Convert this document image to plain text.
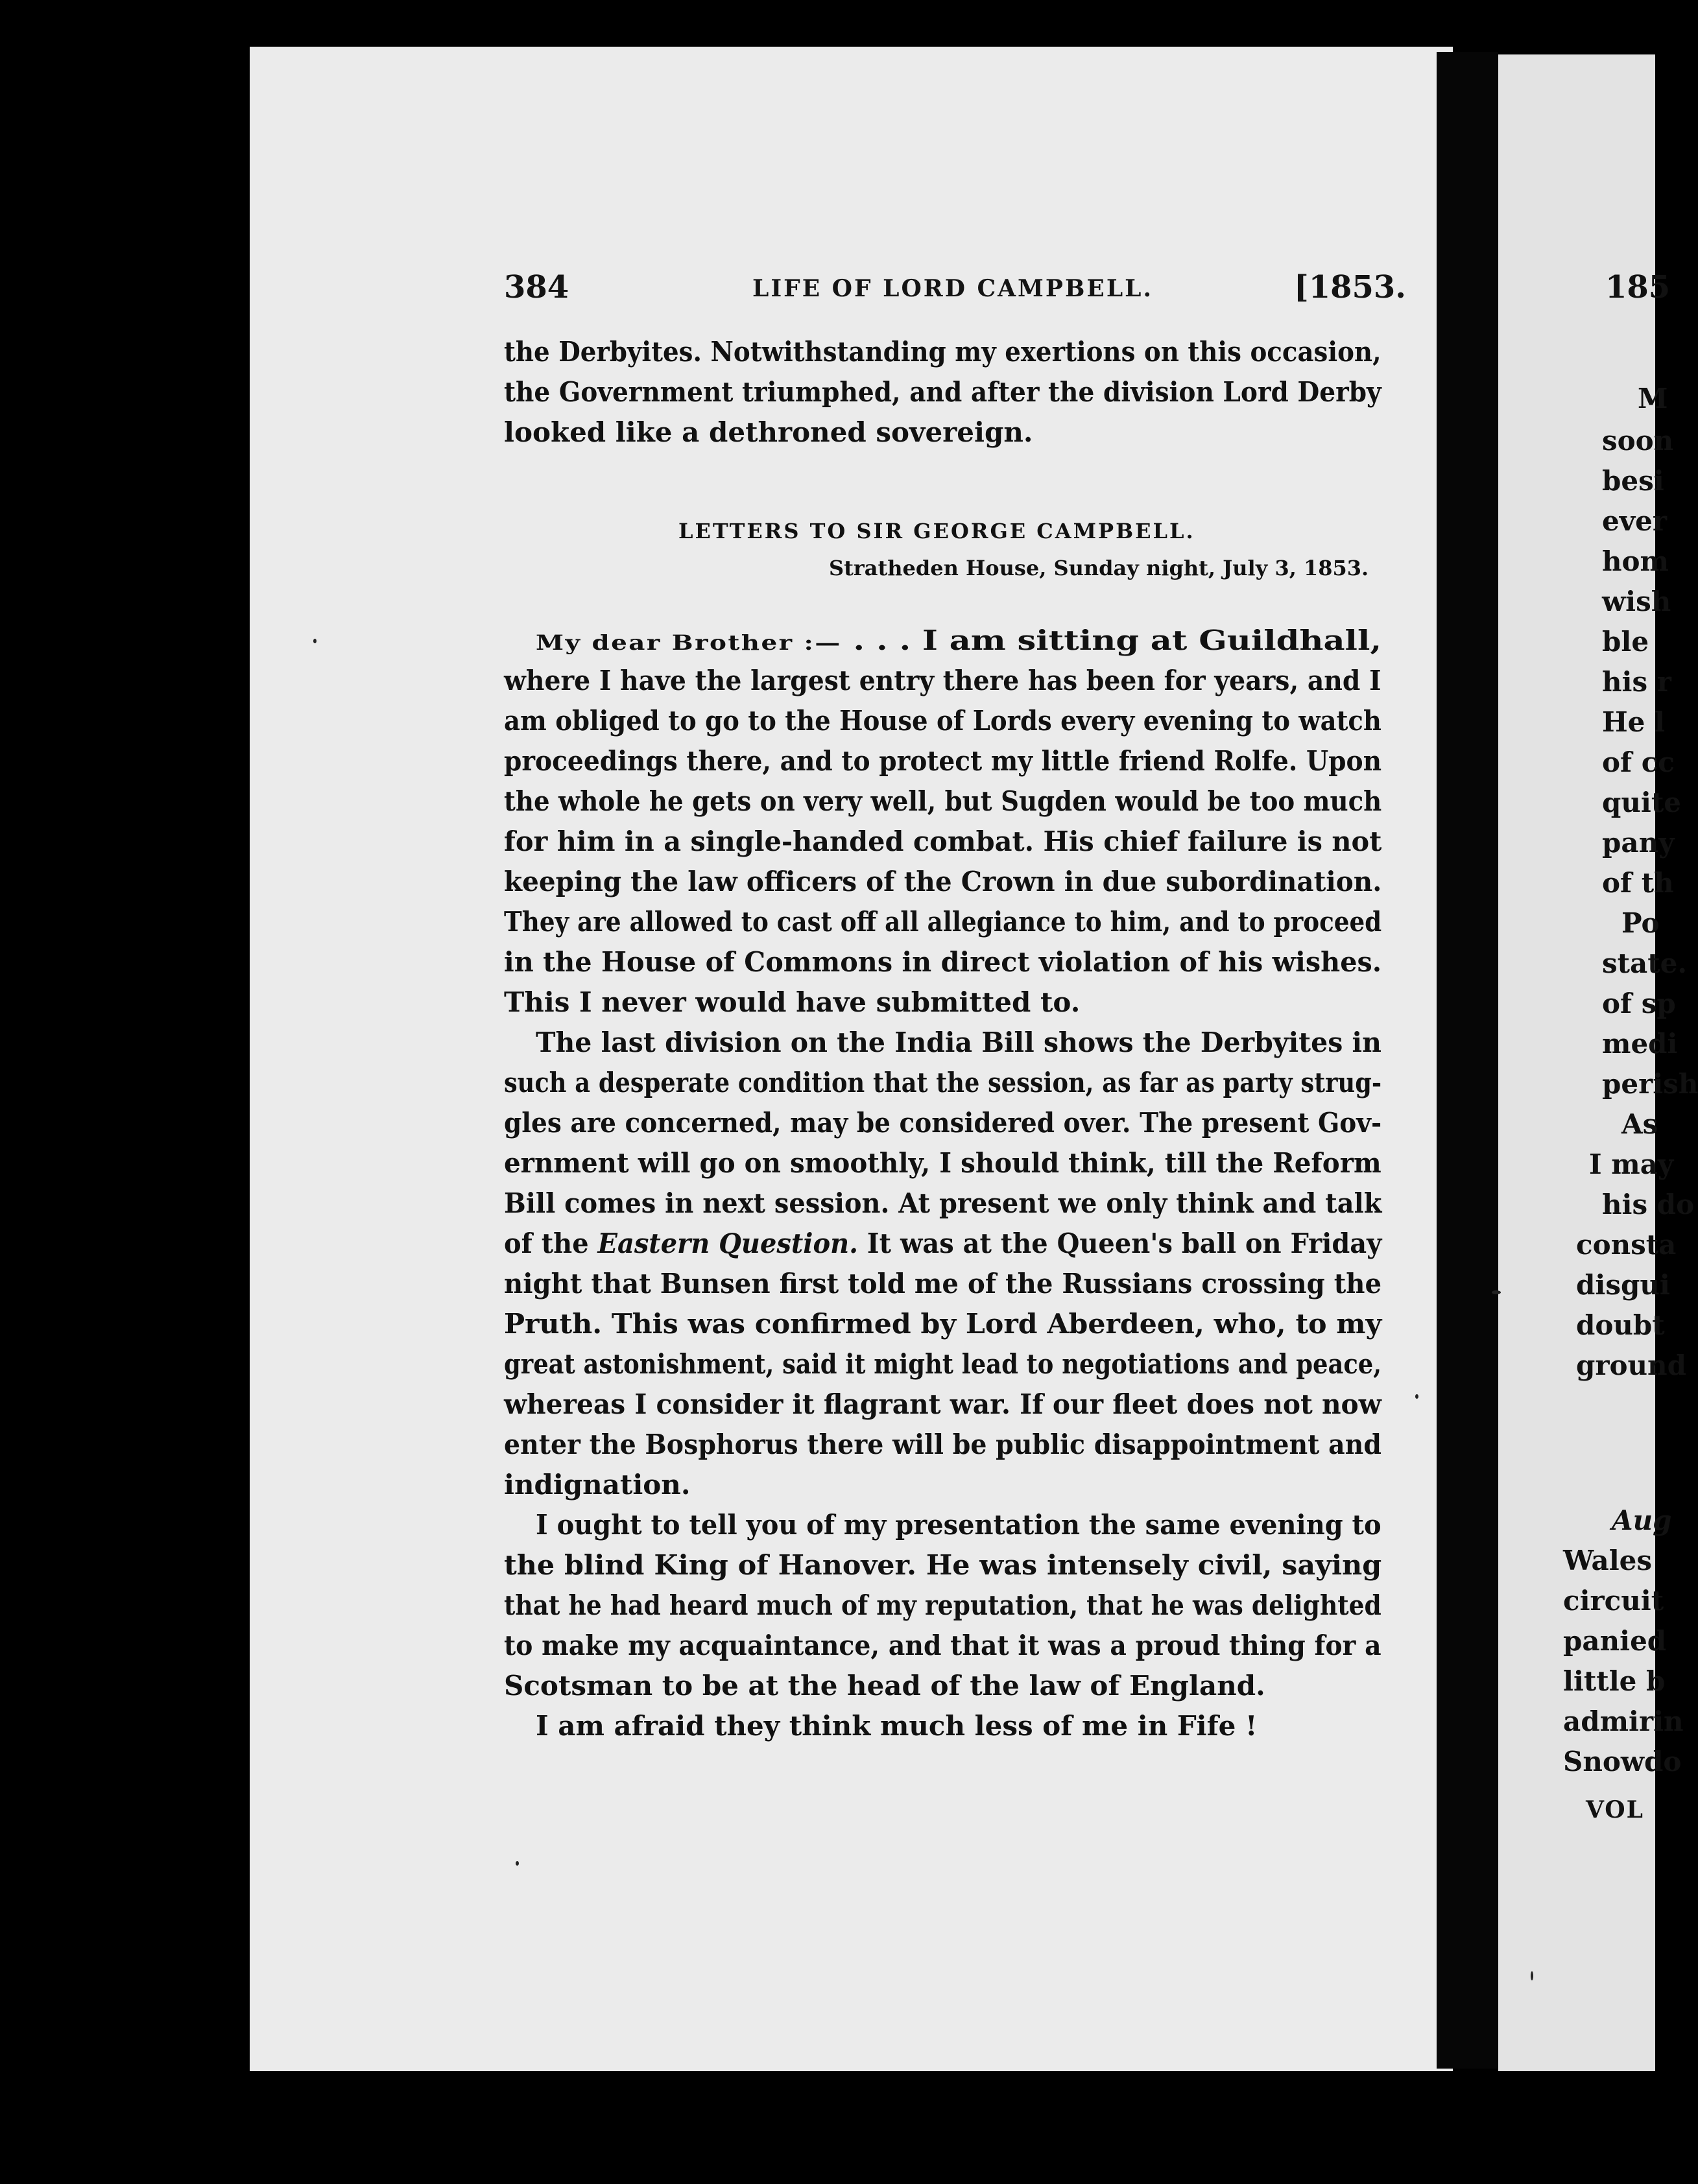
384	LIFE OF LORD CAMPBELL.	[1853.
the Derbyites. Notwithstanding my exertions on this occasion,
the Government triumphed, and after the division Lord Derby
looked like a dethroned sovereign.
LETTERS TO SIR GEORGE CAMPBELL.
Stratheden House, Sunday night, July 3, 1853.
My dear Brother :— . . . I am sitting at Guildhall,
where I have the largest entry there has been for years, and I
am obliged to go to the House of Lords every evening to watch
proceedings there, and to protect my little friend Rolfe. Upon
the whole he gets on very well, but Sugden would be too much
for him in a single-handed combat. His chief failure is not
keeping the law officers of the Crown in due subordination.
They are allowed to cast off all allegiance to him, and to proceed
in the House of Commons in direct violation of his wishes.
This I never would have submitted to.
The last division on the India Bill shows the Derbyites in
such a desperate condition that the session, as far as party strug-
gles are concerned, may be considered over. The present Gov-
ernment will go on smoothly, I should think, till the Reform
Bill comes in next session. At present we only think and talk
of the Eastern Question. It was at the Queen's ball on Friday
night that Bunsen first told me of the Russians crossing the
Pruth. This was confirmed by Lord Aberdeen, who, to my
great astonishment, said it might lead to negotiations and peace,
whereas I consider it flagrant war. If our fleet does not now
enter the Bosphorus there will be public disappointment and
indignation.
I ought to tell you of my presentation the same evening to
the blind King of Hanover. He was intensely civil, saying
that he had heard much of my reputation, that he was delighted
to make my acquaintance, and that it was a proud thing for a
Scotsman to be at the head of the law of England.
I am afraid they think much less of me in Fife !
185
M
soon
besi
ever
hom
wish
ble
his r
He l
of cc
quite
pany
of th
Po
state.
of sp
medi
perish
As
I may
his do
consta
disgui
doubt
ground
Aug
Wales
circuit
panied
little b
admirin
Snowdo
VOL
